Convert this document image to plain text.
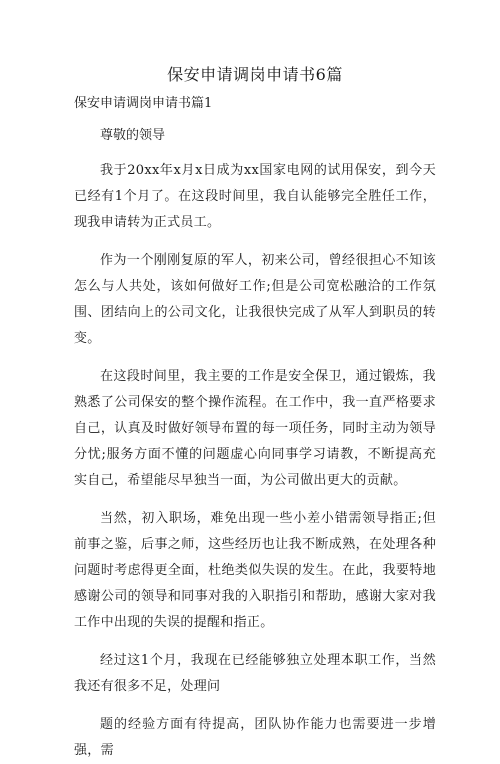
保安申请调岗申请书6篇
保安申请调岗申请书篇1

尊敬的领导

我于20xx年x月x日成为xx国家电网的试用保安，到今天已经有1个月了。在这段时间里，我自认能够完全胜任工作，现我申请转为正式员工。

作为一个刚刚复原的军人，初来公司，曾经很担心不知该怎么与人共处，该如何做好工作;但是公司宽松融洽的工作氛围、团结向上的公司文化，让我很快完成了从军人到职员的转变。

在这段时间里，我主要的工作是安全保卫，通过锻炼，我熟悉了公司保安的整个操作流程。在工作中，我一直严格要求自己，认真及时做好领导布置的每一项任务，同时主动为领导分忧;服务方面不懂的问题虚心向同事学习请教，不断提高充实自己，希望能尽早独当一面，为公司做出更大的贡献。

当然，初入职场，难免出现一些小差小错需领导指正;但前事之鉴，后事之师，这些经历也让我不断成熟，在处理各种问题时考虑得更全面，杜绝类似失误的发生。在此，我要特地感谢公司的领导和同事对我的入职指引和帮助，感谢大家对我工作中出现的失误的提醒和指正。

经过这1个月，我现在已经能够独立处理本职工作，当然我还有很多不足，处理问

题的经验方面有待提高，团队协作能力也需要进一步增强，需
